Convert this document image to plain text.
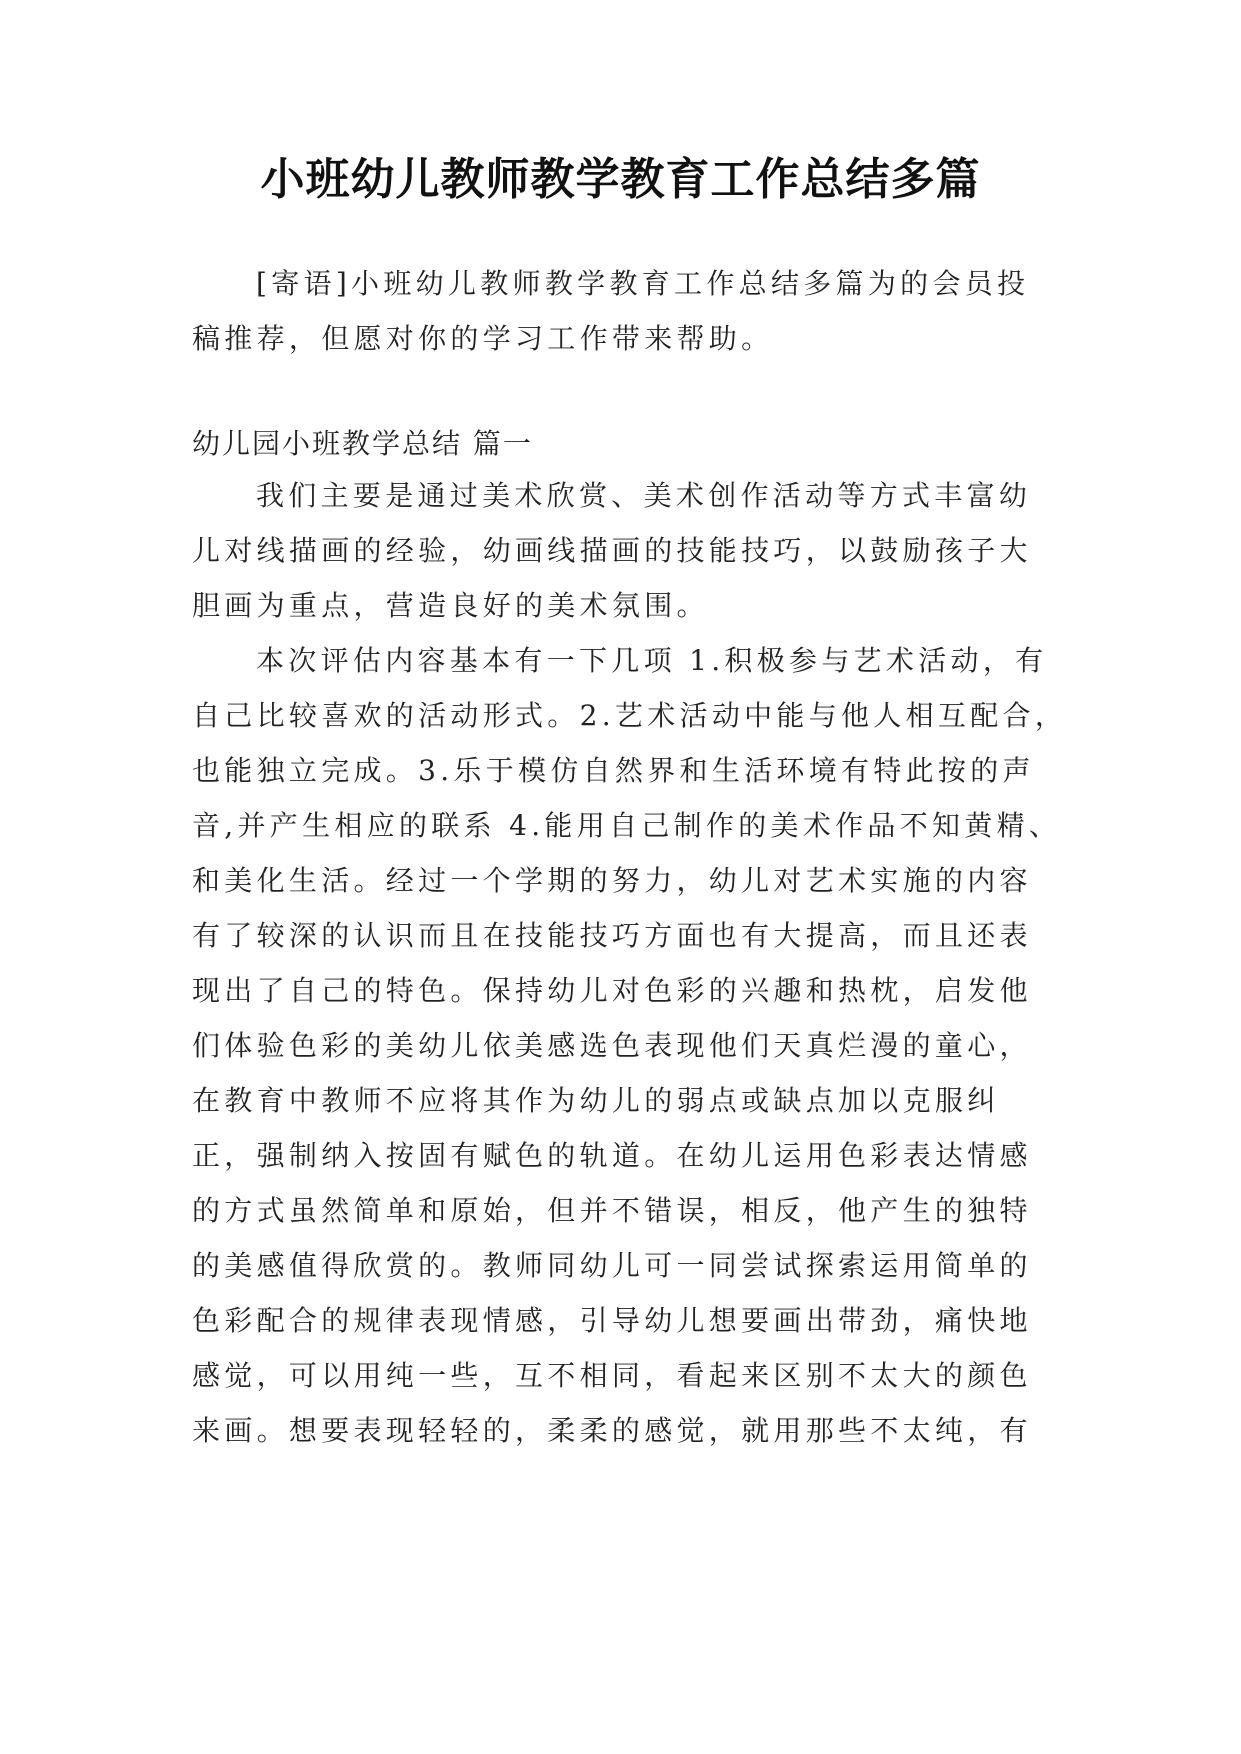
小班幼儿教师教学教育工作总结多篇

[寄语]小班幼儿教师教学教育工作总结多篇为的会员投

稿推荐，但愿对你的学习工作带来帮助。

幼儿园小班教学总结 篇一

我们主要是通过美术欣赏、美术创作活动等方式丰富幼

儿对线描画的经验，幼画线描画的技能技巧，以鼓励孩子大

胆画为重点，营造良好的美术氛围。

本次评估内容基本有一下几项 1.积极参与艺术活动，有

自己比较喜欢的活动形式。2.艺术活动中能与他人相互配合，

也能独立完成。3.乐于模仿自然界和生活环境有特此按的声

音,并产生相应的联系 4.能用自己制作的美术作品不知黄精、

和美化生活。经过一个学期的努力，幼儿对艺术实施的内容

有了较深的认识而且在技能技巧方面也有大提高，而且还表

现出了自己的特色。保持幼儿对色彩的兴趣和热枕，启发他

们体验色彩的美幼儿依美感选色表现他们天真烂漫的童心，

在教育中教师不应将其作为幼儿的弱点或缺点加以克服纠

正，强制纳入按固有赋色的轨道。在幼儿运用色彩表达情感

的方式虽然简单和原始，但并不错误，相反，他产生的独特

的美感值得欣赏的。教师同幼儿可一同尝试探索运用简单的

色彩配合的规律表现情感，引导幼儿想要画出带劲，痛快地

感觉，可以用纯一些，互不相同，看起来区别不太大的颜色

来画。想要表现轻轻的，柔柔的感觉，就用那些不太纯，有
